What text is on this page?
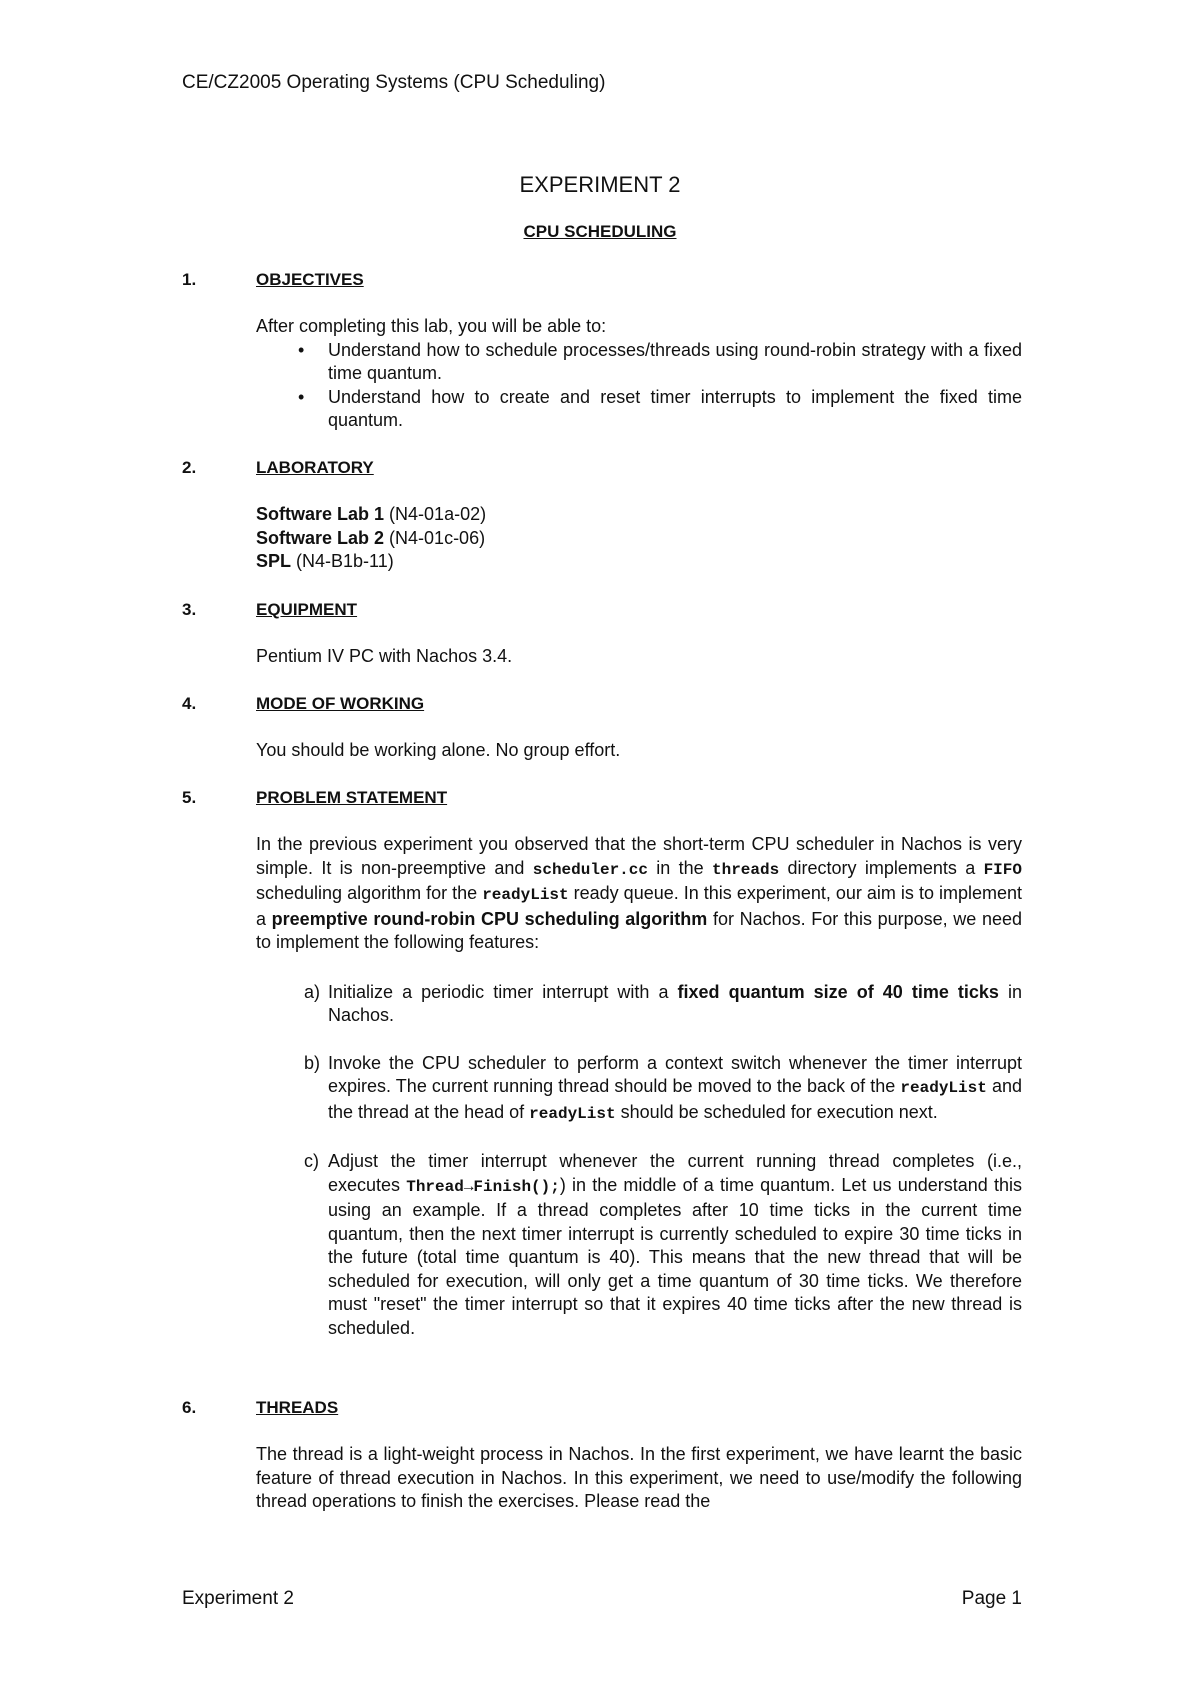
CE/CZ2005 Operating Systems (CPU Scheduling)
EXPERIMENT 2
CPU SCHEDULING
1.	OBJECTIVES
After completing this lab, you will be able to:
• Understand how to schedule processes/threads using round-robin strategy with a fixed time quantum.
• Understand how to create and reset timer interrupts to implement the fixed time quantum.
2.	LABORATORY
Software Lab 1 (N4-01a-02)
Software Lab 2 (N4-01c-06)
SPL (N4-B1b-11)
3.	EQUIPMENT
Pentium IV PC with Nachos 3.4.
4.	MODE OF WORKING
You should be working alone. No group effort.
5.	PROBLEM STATEMENT
In the previous experiment you observed that the short-term CPU scheduler in Nachos is very simple. It is non-preemptive and scheduler.cc in the threads directory implements a FIFO scheduling algorithm for the readyList ready queue. In this experiment, our aim is to implement a preemptive round-robin CPU scheduling algorithm for Nachos. For this purpose, we need to implement the following features:
a) Initialize a periodic timer interrupt with a fixed quantum size of 40 time ticks in Nachos.
b) Invoke the CPU scheduler to perform a context switch whenever the timer interrupt expires. The current running thread should be moved to the back of the readyList and the thread at the head of readyList should be scheduled for execution next.
c) Adjust the timer interrupt whenever the current running thread completes (i.e., executes Thread→Finish();) in the middle of a time quantum. Let us understand this using an example. If a thread completes after 10 time ticks in the current time quantum, then the next timer interrupt is currently scheduled to expire 30 time ticks in the future (total time quantum is 40). This means that the new thread that will be scheduled for execution, will only get a time quantum of 30 time ticks. We therefore must "reset" the timer interrupt so that it expires 40 time ticks after the new thread is scheduled.
6.	THREADS
The thread is a light-weight process in Nachos. In the first experiment, we have learnt the basic feature of thread execution in Nachos. In this experiment, we need to use/modify the following thread operations to finish the exercises. Please read the
Experiment 2	Page 1
